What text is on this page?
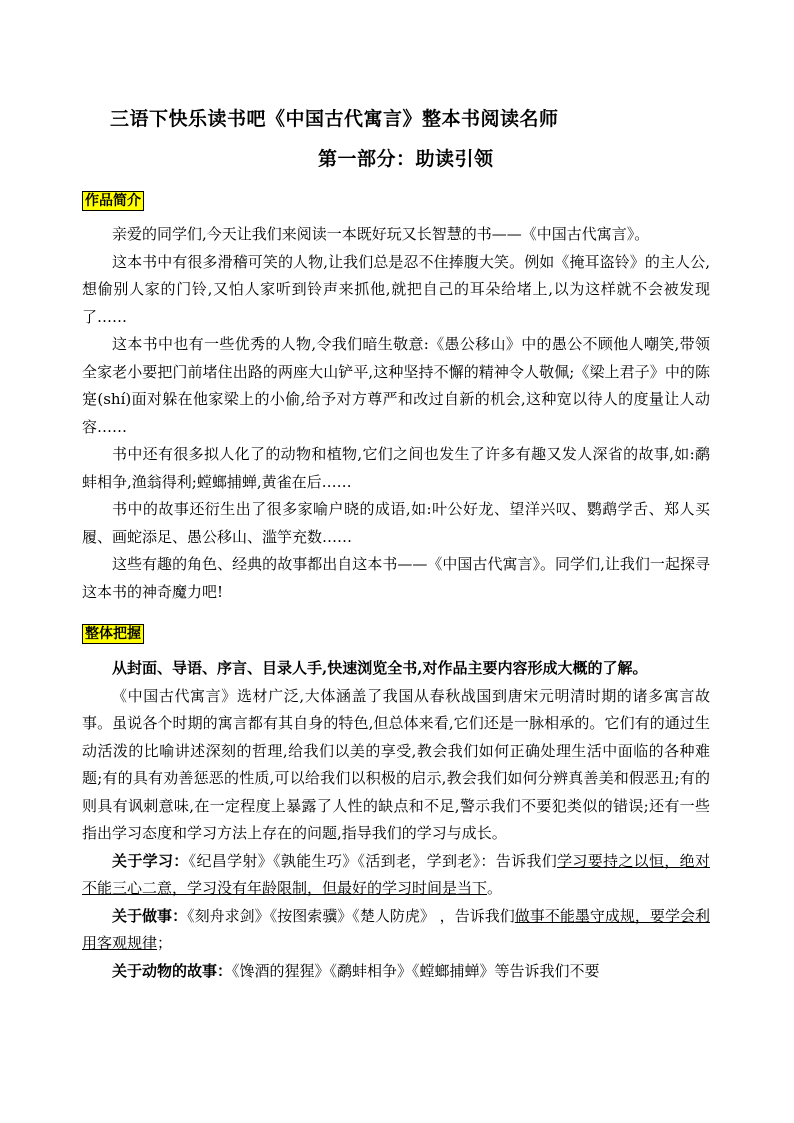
三语下快乐读书吧《中国古代寓言》整本书阅读名师
第一部分：助读引领
作品简介

亲爱的同学们,今天让我们来阅读一本既好玩又长智慧的书——《中国古代寓言》。

这本书中有很多滑稽可笑的人物,让我们总是忍不住捧腹大笑。例如《掩耳盗铃》的主人公,想偷别人家的门铃,又怕人家听到铃声来抓他,就把自己的耳朵给堵上,以为这样就不会被发现了……

这本书中也有一些优秀的人物,令我们暗生敬意:《愚公移山》中的愚公不顾他人嘲笑,带领全家老小要把门前堵住出路的两座大山铲平,这种坚持不懈的精神令人敬佩;《梁上君子》中的陈寔(shí)面对躲在他家梁上的小偷,给予对方尊严和改过自新的机会,这种宽以待人的度量让人动容……

书中还有很多拟人化了的动物和植物,它们之间也发生了许多有趣又发人深省的故事,如:鹬蚌相争,渔翁得利;螳螂捕蝉,黄雀在后……

书中的故事还衍生出了很多家喻户晓的成语,如:叶公好龙、望洋兴叹、鹦鹉学舌、郑人买履、画蛇添足、愚公移山、滥竽充数……

这些有趣的角色、经典的故事都出自这本书——《中国古代寓言》。同学们,让我们一起探寻这本书的神奇魔力吧!

整体把握

从封面、导语、序言、目录人手,快速浏览全书,对作品主要内容形成大概的了解。

《中国古代寓言》选材广泛,大体涵盖了我国从春秋战国到唐宋元明清时期的诸多寓言故事。虽说各个时期的寓言都有其自身的特色,但总体来看,它们还是一脉相承的。它们有的通过生动活泼的比喻讲述深刻的哲理,给我们以美的享受,教会我们如何正确处理生活中面临的各种难题;有的具有劝善惩恶的性质,可以给我们以积极的启示,教会我们如何分辨真善美和假恶丑;有的则具有讽刺意味,在一定程度上暴露了人性的缺点和不足,警示我们不要犯类似的错误;还有一些指出学习态度和学习方法上存在的问题,指导我们的学习与成长。

关于学习：《纪昌学射》《孰能生巧》《活到老，学到老》：告诉我们学习要持之以恒，绝对不能三心二意，学习没有年龄限制，但最好的学习时间是当下。

关于做事：《刻舟求剑》《按图索骥》《楚人防虎》 ，告诉我们做事不能墨守成规，要学会利用客观规律；

关于动物的故事：《馋酒的猩猩》《鹬蚌相争》《螳螂捕蝉》等告诉我们不要
